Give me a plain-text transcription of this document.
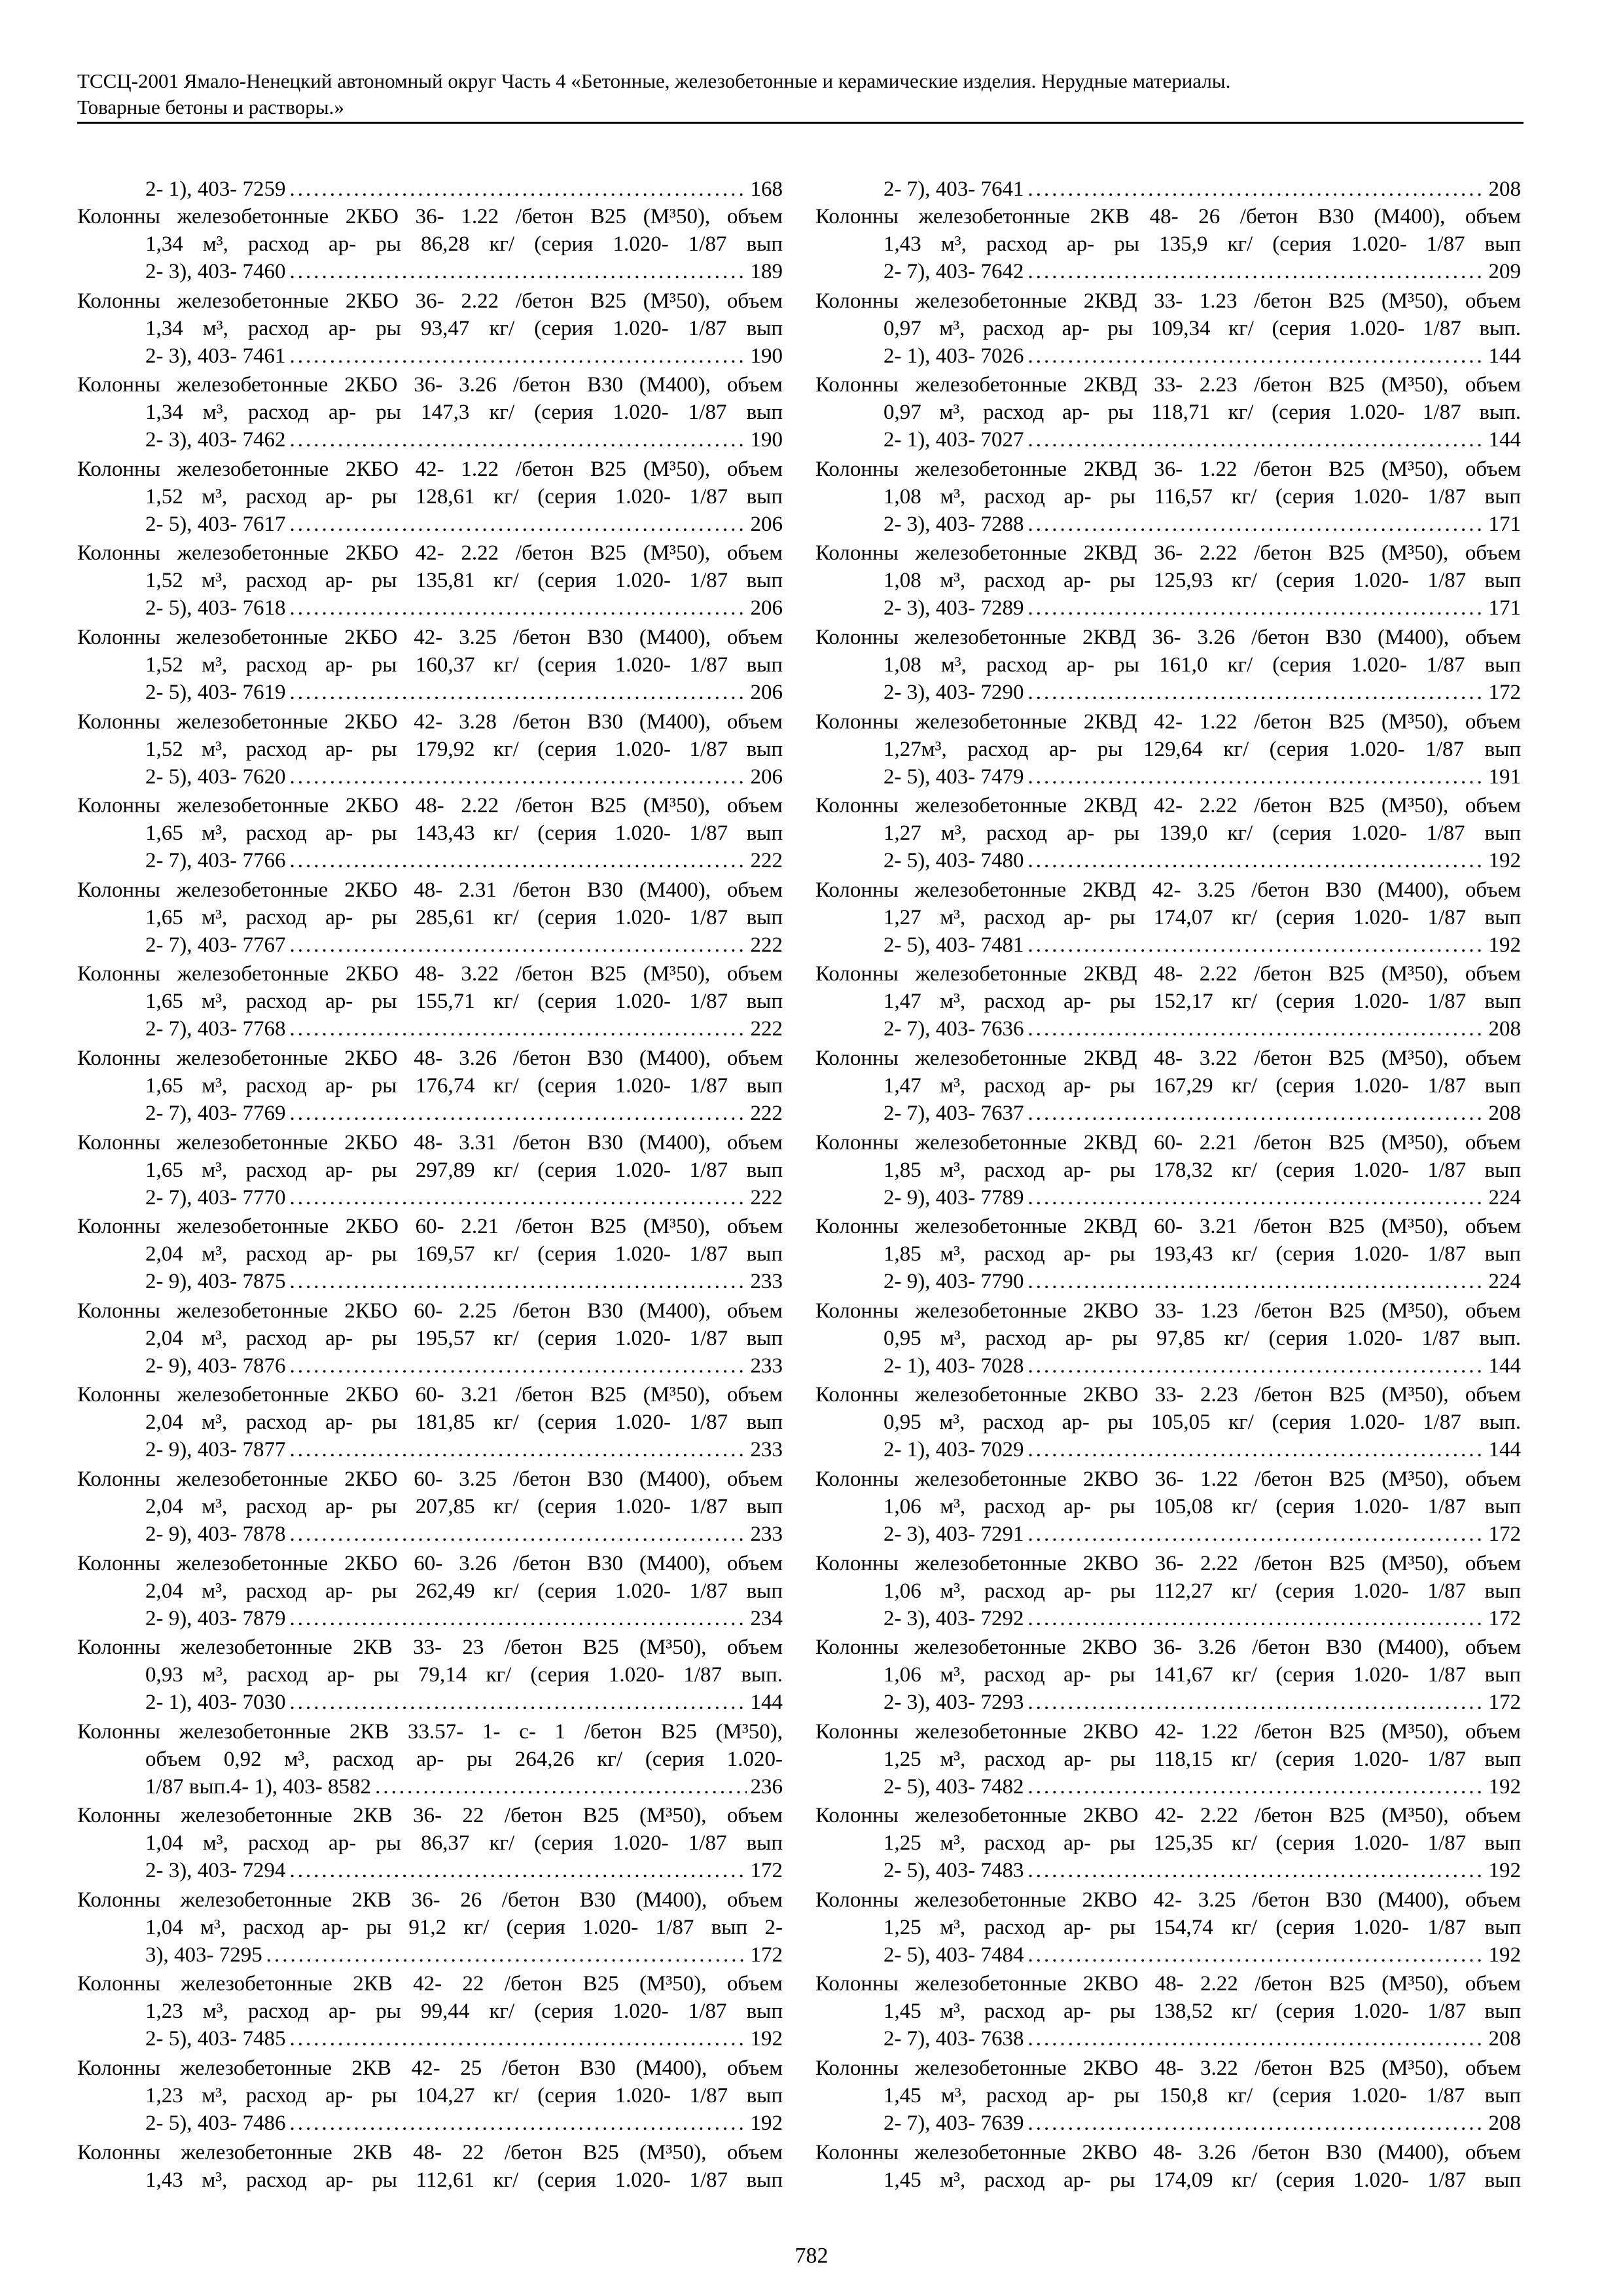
ТССЦ-2001 Ямало-Ненецкий автономный округ Часть 4 «Бетонные, железобетонные и керамические изделия. Нерудные материалы.
Товарные бетоны и растворы.»
2- 1), 403- 7259 .....	168
Колонны железобетонные 2КБО 36- 1.22 /бетон В25 (М³50), объем
1,34 м³, расход ар- ры 86,28 кг/ (серия 1.020- 1/87 вып
2- 3), 403- 7460 .....	189
Колонны железобетонные 2КБО 36- 2.22 /бетон В25 (М³50), объем
1,34 м³, расход ар- ры 93,47 кг/ (серия 1.020- 1/87 вып
2- 3), 403- 7461 .....	190
Колонны железобетонные 2КБО 36- 3.26 /бетон В30 (М400), объем
1,34 м³, расход ар- ры 147,3 кг/ (серия 1.020- 1/87 вып
2- 3), 403- 7462 .....	190
Колонны железобетонные 2КБО 42- 1.22 /бетон В25 (М³50), объем
1,52 м³, расход ар- ры 128,61 кг/ (серия 1.020- 1/87 вып
2- 5), 403- 7617 .....	206
Колонны железобетонные 2КБО 42- 2.22 /бетон В25 (М³50), объем
1,52 м³, расход ар- ры 135,81 кг/ (серия 1.020- 1/87 вып
2- 5), 403- 7618 .....	206
Колонны железобетонные 2КБО 42- 3.25 /бетон В30 (М400), объем
1,52 м³, расход ар- ры 160,37 кг/ (серия 1.020- 1/87 вып
2- 5), 403- 7619 .....	206
Колонны железобетонные 2КБО 42- 3.28 /бетон В30 (М400), объем
1,52 м³, расход ар- ры 179,92 кг/ (серия 1.020- 1/87 вып
2- 5), 403- 7620 .....	206
Колонны железобетонные 2КБО 48- 2.22 /бетон В25 (М³50), объем
1,65 м³, расход ар- ры 143,43 кг/ (серия 1.020- 1/87 вып
2- 7), 403- 7766 .....	222
Колонны железобетонные 2КБО 48- 2.31 /бетон В30 (М400), объем
1,65 м³, расход ар- ры 285,61 кг/ (серия 1.020- 1/87 вып
2- 7), 403- 7767 .....	222
Колонны железобетонные 2КБО 48- 3.22 /бетон В25 (М³50), объем
1,65 м³, расход ар- ры 155,71 кг/ (серия 1.020- 1/87 вып
2- 7), 403- 7768 .....	222
Колонны железобетонные 2КБО 48- 3.26 /бетон В30 (М400), объем
1,65 м³, расход ар- ры 176,74 кг/ (серия 1.020- 1/87 вып
2- 7), 403- 7769 .....	222
Колонны железобетонные 2КБО 48- 3.31 /бетон В30 (М400), объем
1,65 м³, расход ар- ры 297,89 кг/ (серия 1.020- 1/87 вып
2- 7), 403- 7770 .....	222
Колонны железобетонные 2КБО 60- 2.21 /бетон В25 (М³50), объем
2,04 м³, расход ар- ры 169,57 кг/ (серия 1.020- 1/87 вып
2- 9), 403- 7875 .....	233
Колонны железобетонные 2КБО 60- 2.25 /бетон В30 (М400), объем
2,04 м³, расход ар- ры 195,57 кг/ (серия 1.020- 1/87 вып
2- 9), 403- 7876 .....	233
Колонны железобетонные 2КБО 60- 3.21 /бетон В25 (М³50), объем
2,04 м³, расход ар- ры 181,85 кг/ (серия 1.020- 1/87 вып
2- 9), 403- 7877 .....	233
Колонны железобетонные 2КБО 60- 3.25 /бетон В30 (М400), объем
2,04 м³, расход ар- ры 207,85 кг/ (серия 1.020- 1/87 вып
2- 9), 403- 7878 .....	233
Колонны железобетонные 2КБО 60- 3.26 /бетон В30 (М400), объем
2,04 м³, расход ар- ры 262,49 кг/ (серия 1.020- 1/87 вып
2- 9), 403- 7879 .....	234
Колонны железобетонные 2КВ 33- 23 /бетон В25 (М³50), объем
0,93 м³, расход ар- ры 79,14 кг/ (серия 1.020- 1/87 вып.
2- 1), 403- 7030 .....	144
Колонны железобетонные 2КВ 33.57- 1- с- 1 /бетон В25 (М³50),
объем 0,92 м³, расход ар- ры 264,26 кг/ (серия 1.020-
1/87 вып.4- 1), 403- 8582 .....	236
Колонны железобетонные 2КВ 36- 22 /бетон В25 (М³50), объем
1,04 м³, расход ар- ры 86,37 кг/ (серия 1.020- 1/87 вып
2- 3), 403- 7294 .....	172
Колонны железобетонные 2КВ 36- 26 /бетон В30 (М400), объем
1,04 м³, расход ар- ры 91,2 кг/ (серия 1.020- 1/87 вып 2-
3), 403- 7295 .....	172
Колонны железобетонные 2КВ 42- 22 /бетон В25 (М³50), объем
1,23 м³, расход ар- ры 99,44 кг/ (серия 1.020- 1/87 вып
2- 5), 403- 7485 .....	192
Колонны железобетонные 2КВ 42- 25 /бетон В30 (М400), объем
1,23 м³, расход ар- ры 104,27 кг/ (серия 1.020- 1/87 вып
2- 5), 403- 7486 .....	192
Колонны железобетонные 2КВ 48- 22 /бетон В25 (М³50), объем
1,43 м³, расход ар- ры 112,61 кг/ (серия 1.020- 1/87 вып
2- 7), 403- 7641 .....	208
Колонны железобетонные 2КВ 48- 26 /бетон В30 (М400), объем
1,43 м³, расход ар- ры 135,9 кг/ (серия 1.020- 1/87 вып
2- 7), 403- 7642 .....	209
Колонны железобетонные 2КВД 33- 1.23 /бетон В25 (М³50), объем
0,97 м³, расход ар- ры 109,34 кг/ (серия 1.020- 1/87 вып.
2- 1), 403- 7026 .....	144
Колонны железобетонные 2КВД 33- 2.23 /бетон В25 (М³50), объем
0,97 м³, расход ар- ры 118,71 кг/ (серия 1.020- 1/87 вып.
2- 1), 403- 7027 .....	144
Колонны железобетонные 2КВД 36- 1.22 /бетон В25 (М³50), объем
1,08 м³, расход ар- ры 116,57 кг/ (серия 1.020- 1/87 вып
2- 3), 403- 7288 .....	171
Колонны железобетонные 2КВД 36- 2.22 /бетон В25 (М³50), объем
1,08 м³, расход ар- ры 125,93 кг/ (серия 1.020- 1/87 вып
2- 3), 403- 7289 .....	171
Колонны железобетонные 2КВД 36- 3.26 /бетон В30 (М400), объем
1,08 м³, расход ар- ры 161,0 кг/ (серия 1.020- 1/87 вып
2- 3), 403- 7290 .....	172
Колонны железобетонные 2КВД 42- 1.22 /бетон В25 (М³50), объем
1,27м³, расход ар- ры 129,64 кг/ (серия 1.020- 1/87 вып
2- 5), 403- 7479 .....	191
Колонны железобетонные 2КВД 42- 2.22 /бетон В25 (М³50), объем
1,27 м³, расход ар- ры 139,0 кг/ (серия 1.020- 1/87 вып
2- 5), 403- 7480 .....	192
Колонны железобетонные 2КВД 42- 3.25 /бетон В30 (М400), объем
1,27 м³, расход ар- ры 174,07 кг/ (серия 1.020- 1/87 вып
2- 5), 403- 7481 .....	192
Колонны железобетонные 2КВД 48- 2.22 /бетон В25 (М³50), объем
1,47 м³, расход ар- ры 152,17 кг/ (серия 1.020- 1/87 вып
2- 7), 403- 7636 .....	208
Колонны железобетонные 2КВД 48- 3.22 /бетон В25 (М³50), объем
1,47 м³, расход ар- ры 167,29 кг/ (серия 1.020- 1/87 вып
2- 7), 403- 7637 .....	208
Колонны железобетонные 2КВД 60- 2.21 /бетон В25 (М³50), объем
1,85 м³, расход ар- ры 178,32 кг/ (серия 1.020- 1/87 вып
2- 9), 403- 7789 .....	224
Колонны железобетонные 2КВД 60- 3.21 /бетон В25 (М³50), объем
1,85 м³, расход ар- ры 193,43 кг/ (серия 1.020- 1/87 вып
2- 9), 403- 7790 .....	224
Колонны железобетонные 2КВО 33- 1.23 /бетон В25 (М³50), объем
0,95 м³, расход ар- ры 97,85 кг/ (серия 1.020- 1/87 вып.
2- 1), 403- 7028 .....	144
Колонны железобетонные 2КВО 33- 2.23 /бетон В25 (М³50), объем
0,95 м³, расход ар- ры 105,05 кг/ (серия 1.020- 1/87 вып.
2- 1), 403- 7029 .....	144
Колонны железобетонные 2КВО 36- 1.22 /бетон В25 (М³50), объем
1,06 м³, расход ар- ры 105,08 кг/ (серия 1.020- 1/87 вып
2- 3), 403- 7291 .....	172
Колонны железобетонные 2КВО 36- 2.22 /бетон В25 (М³50), объем
1,06 м³, расход ар- ры 112,27 кг/ (серия 1.020- 1/87 вып
2- 3), 403- 7292 .....	172
Колонны железобетонные 2КВО 36- 3.26 /бетон В30 (М400), объем
1,06 м³, расход ар- ры 141,67 кг/ (серия 1.020- 1/87 вып
2- 3), 403- 7293 .....	172
Колонны железобетонные 2КВО 42- 1.22 /бетон В25 (М³50), объем
1,25 м³, расход ар- ры 118,15 кг/ (серия 1.020- 1/87 вып
2- 5), 403- 7482 .....	192
Колонны железобетонные 2КВО 42- 2.22 /бетон В25 (М³50), объем
1,25 м³, расход ар- ры 125,35 кг/ (серия 1.020- 1/87 вып
2- 5), 403- 7483 .....	192
Колонны железобетонные 2КВО 42- 3.25 /бетон В30 (М400), объем
1,25 м³, расход ар- ры 154,74 кг/ (серия 1.020- 1/87 вып
2- 5), 403- 7484 .....	192
Колонны железобетонные 2КВО 48- 2.22 /бетон В25 (М³50), объем
1,45 м³, расход ар- ры 138,52 кг/ (серия 1.020- 1/87 вып
2- 7), 403- 7638 .....	208
Колонны железобетонные 2КВО 48- 3.22 /бетон В25 (М³50), объем
1,45 м³, расход ар- ры 150,8 кг/ (серия 1.020- 1/87 вып
2- 7), 403- 7639 .....	208
Колонны железобетонные 2КВО 48- 3.26 /бетон В30 (М400), объем
1,45 м³, расход ар- ры 174,09 кг/ (серия 1.020- 1/87 вып
782
